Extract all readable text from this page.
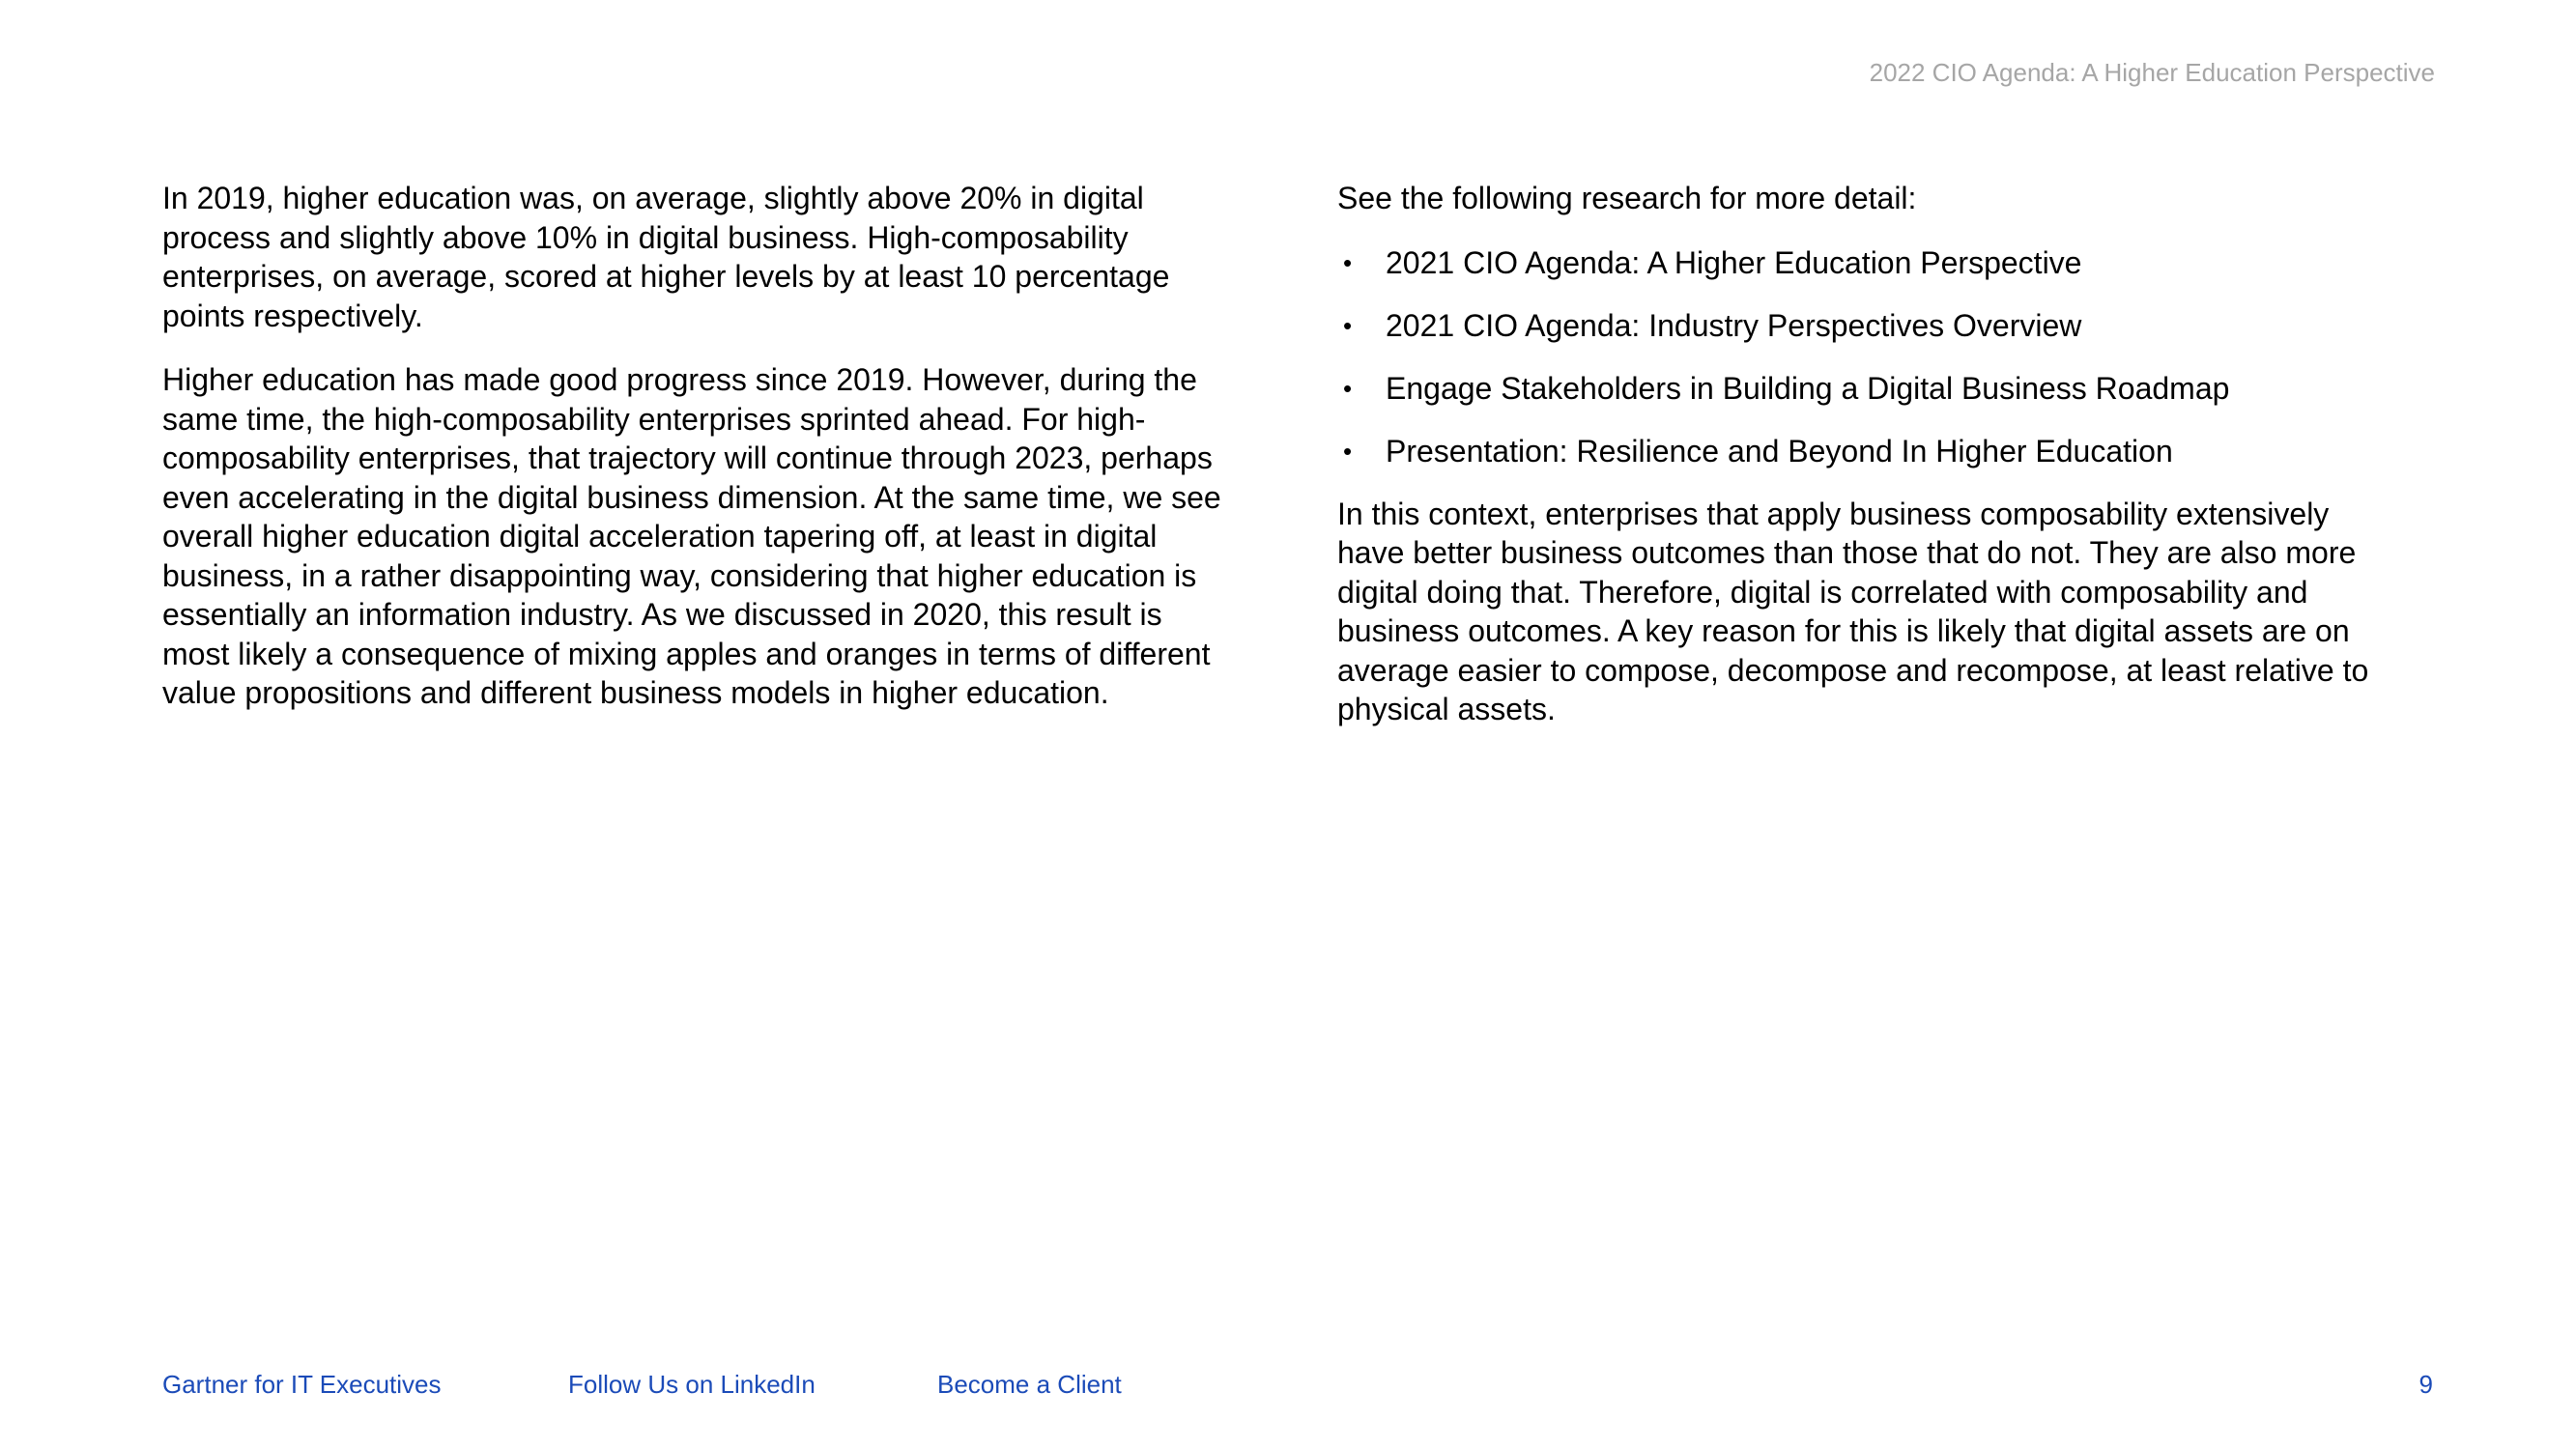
2022 CIO Agenda: A Higher Education Perspective

In 2019, higher education was, on average, slightly above 20% in digital process and slightly above 10% in digital business. High-composability enterprises, on average, scored at higher levels by at least 10 percentage points respectively.

Higher education has made good progress since 2019. However, during the same time, the high-composability enterprises sprinted ahead. For high-composability enterprises, that trajectory will continue through 2023, perhaps even accelerating in the digital business dimension. At the same time, we see overall higher education digital acceleration tapering off, at least in digital business, in a rather disappointing way, considering that higher education is essentially an information industry. As we discussed in 2020, this result is most likely a consequence of mixing apples and oranges in terms of different value propositions and different business models in higher education.

See the following research for more detail:

• 2021 CIO Agenda: A Higher Education Perspective
• 2021 CIO Agenda: Industry Perspectives Overview
• Engage Stakeholders in Building a Digital Business Roadmap
• Presentation: Resilience and Beyond In Higher Education

In this context, enterprises that apply business composability extensively have better business outcomes than those that do not. They are also more digital doing that. Therefore, digital is correlated with composability and business outcomes. A key reason for this is likely that digital assets are on average easier to compose, decompose and recompose, at least relative to physical assets.

Gartner for IT Executives	Follow Us on LinkedIn	Become a Client	9
